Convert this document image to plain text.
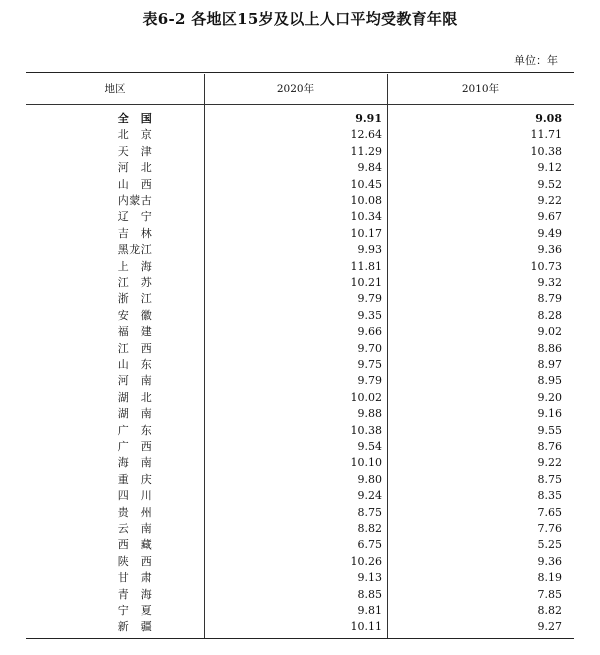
表6-2 各地区15岁及以上人口平均受教育年限
单位：年
地区	2020年	2010年
全　国	9.91	9.08
北　京	12.64	11.71
天　津	11.29	10.38
河　北	9.84	9.12
山　西	10.45	9.52
内蒙古	10.08	9.22
辽　宁	10.34	9.67
吉　林	10.17	9.49
黑龙江	9.93	9.36
上　海	11.81	10.73
江　苏	10.21	9.32
浙　江	9.79	8.79
安　徽	9.35	8.28
福　建	9.66	9.02
江　西	9.70	8.86
山　东	9.75	8.97
河　南	9.79	8.95
湖　北	10.02	9.20
湖　南	9.88	9.16
广　东	10.38	9.55
广　西	9.54	8.76
海　南	10.10	9.22
重　庆	9.80	8.75
四　川	9.24	8.35
贵　州	8.75	7.65
云　南	8.82	7.76
西　藏	6.75	5.25
陕　西	10.26	9.36
甘　肃	9.13	8.19
青　海	8.85	7.85
宁　夏	9.81	8.82
新　疆	10.11	9.27
